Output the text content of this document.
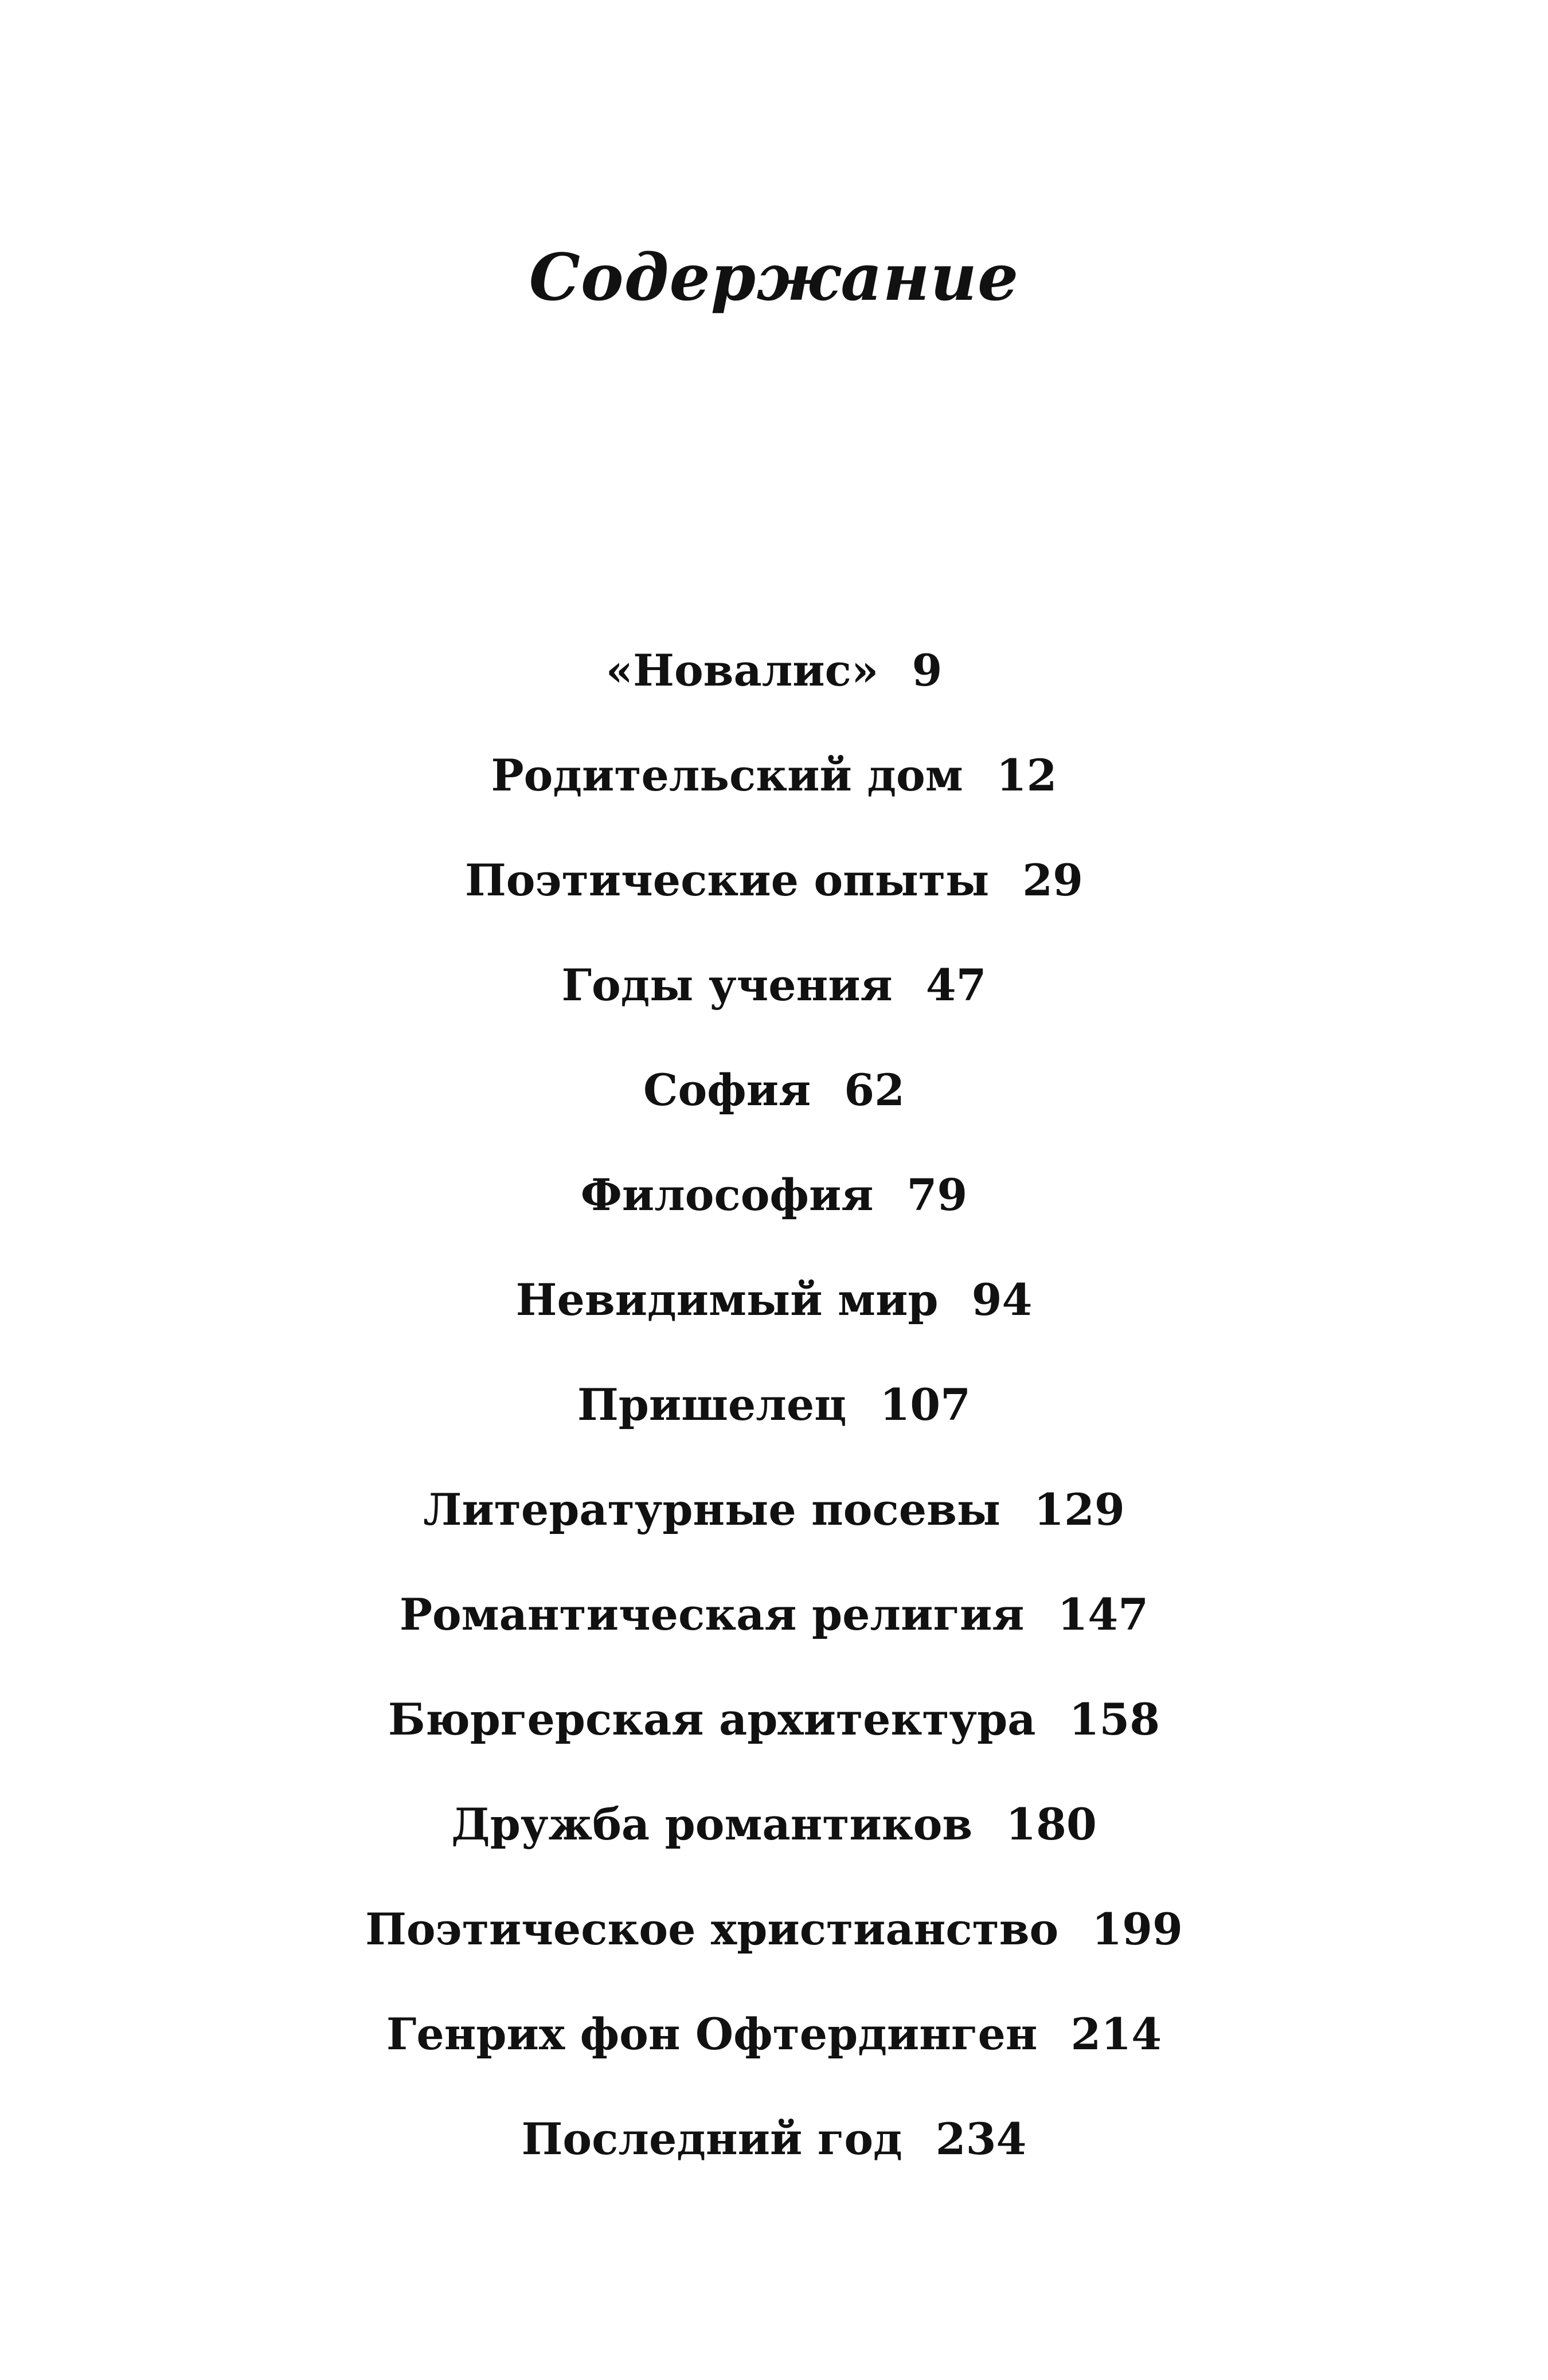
Содержание
«Новалис» 9
Родительский дом 12
Поэтические опыты 29
Годы учения 47
София 62
Философия 79
Невидимый мир 94
Пришелец 107
Литературные посевы 129
Романтическая религия 147
Бюргерская архитектура 158
Дружба романтиков 180
Поэтическое христианство 199
Генрих фон Офтердинген 214
Последний год 234
